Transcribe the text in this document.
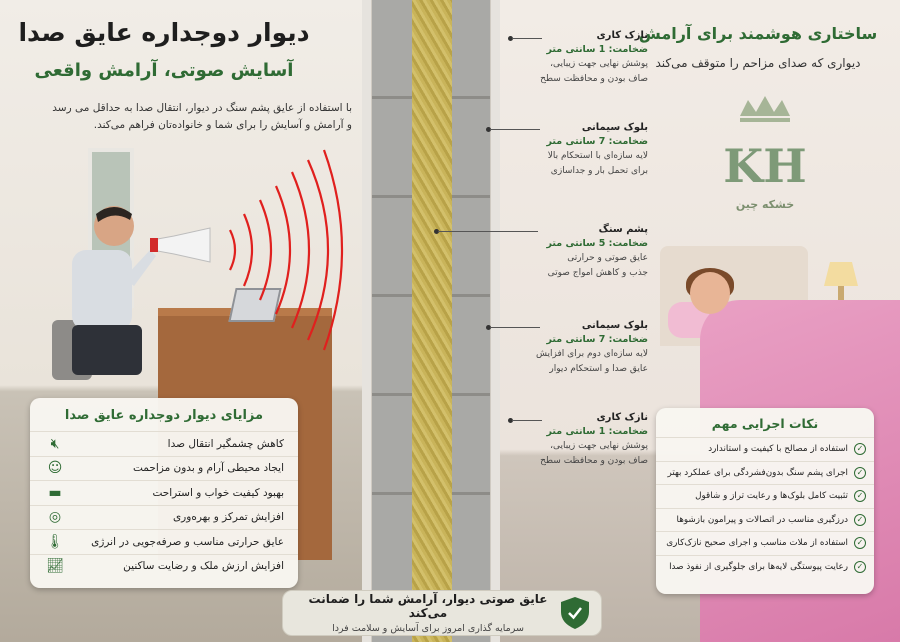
دیوار دوجداره عایق صدا
آسایش صوتی، آرامش واقعی
با استفاده از عایق پشم سنگ در دیوار، انتقال صدا به حداقل می رسد
و آرامش و آسایش را برای شما و خانواده‌تان فراهم می‌کند.
ساختاری هوشمند برای آرامش
دیواری که صدای مزاحم را متوقف می‌کند
KH
خشکه چین
نازک کاری
ضخامت: 1 سانتی متر
پوشش نهایی جهت زیبایی،
صاف بودن و محافظت سطح
بلوک سیمانی
ضخامت: 7 سانتی متر
لایه سازه‌ای با استحکام بالا
برای تحمل بار و جداسازی
پشم سنگ
ضخامت: 5 سانتی متر
عایق صوتی و حرارتی
جذب و کاهش امواج صوتی
بلوک سیمانی
ضخامت: 7 سانتی متر
لایه سازه‌ای دوم برای افزایش
عایق صدا و استحکام دیوار
نازک کاری
ضخامت: 1 سانتی متر
پوشش نهایی جهت زیبایی،
صاف بودن و محافظت سطح
مزایای دیوار دوجداره عایق صدا
کاهش چشمگیر انتقال صدا
🔇︎
ایجاد محیطی آرام و بدون مزاحمت
☺
بهبود کیفیت خواب و استراحت
▬
افزایش تمرکز و بهره‌وری
◎
عایق حرارتی مناسب و صرفه‌جویی در انرژی
🌡︎
افزایش ارزش ملک و رضایت ساکنین
📈︎
نکات اجرایی مهم
✓
استفاده از مصالح با کیفیت و استاندارد
✓
اجرای پشم سنگ بدون‌فشردگی برای عملکرد بهتر
✓
تثبیت کامل بلوک‌ها و رعایت تراز و شاقول
✓
درزگیری مناسب در اتصالات و پیرامون بازشوها
✓
استفاده از ملات مناسب و اجرای صحیح نازک‌کاری
✓
رعایت پیوستگی لایه‌ها برای جلوگیری از نفوذ صدا
عایق صوتی دیوار، آرامش شما را ضمانت می‌کند
سرمایه گذاری امروز برای آسایش و سلامت فردا
